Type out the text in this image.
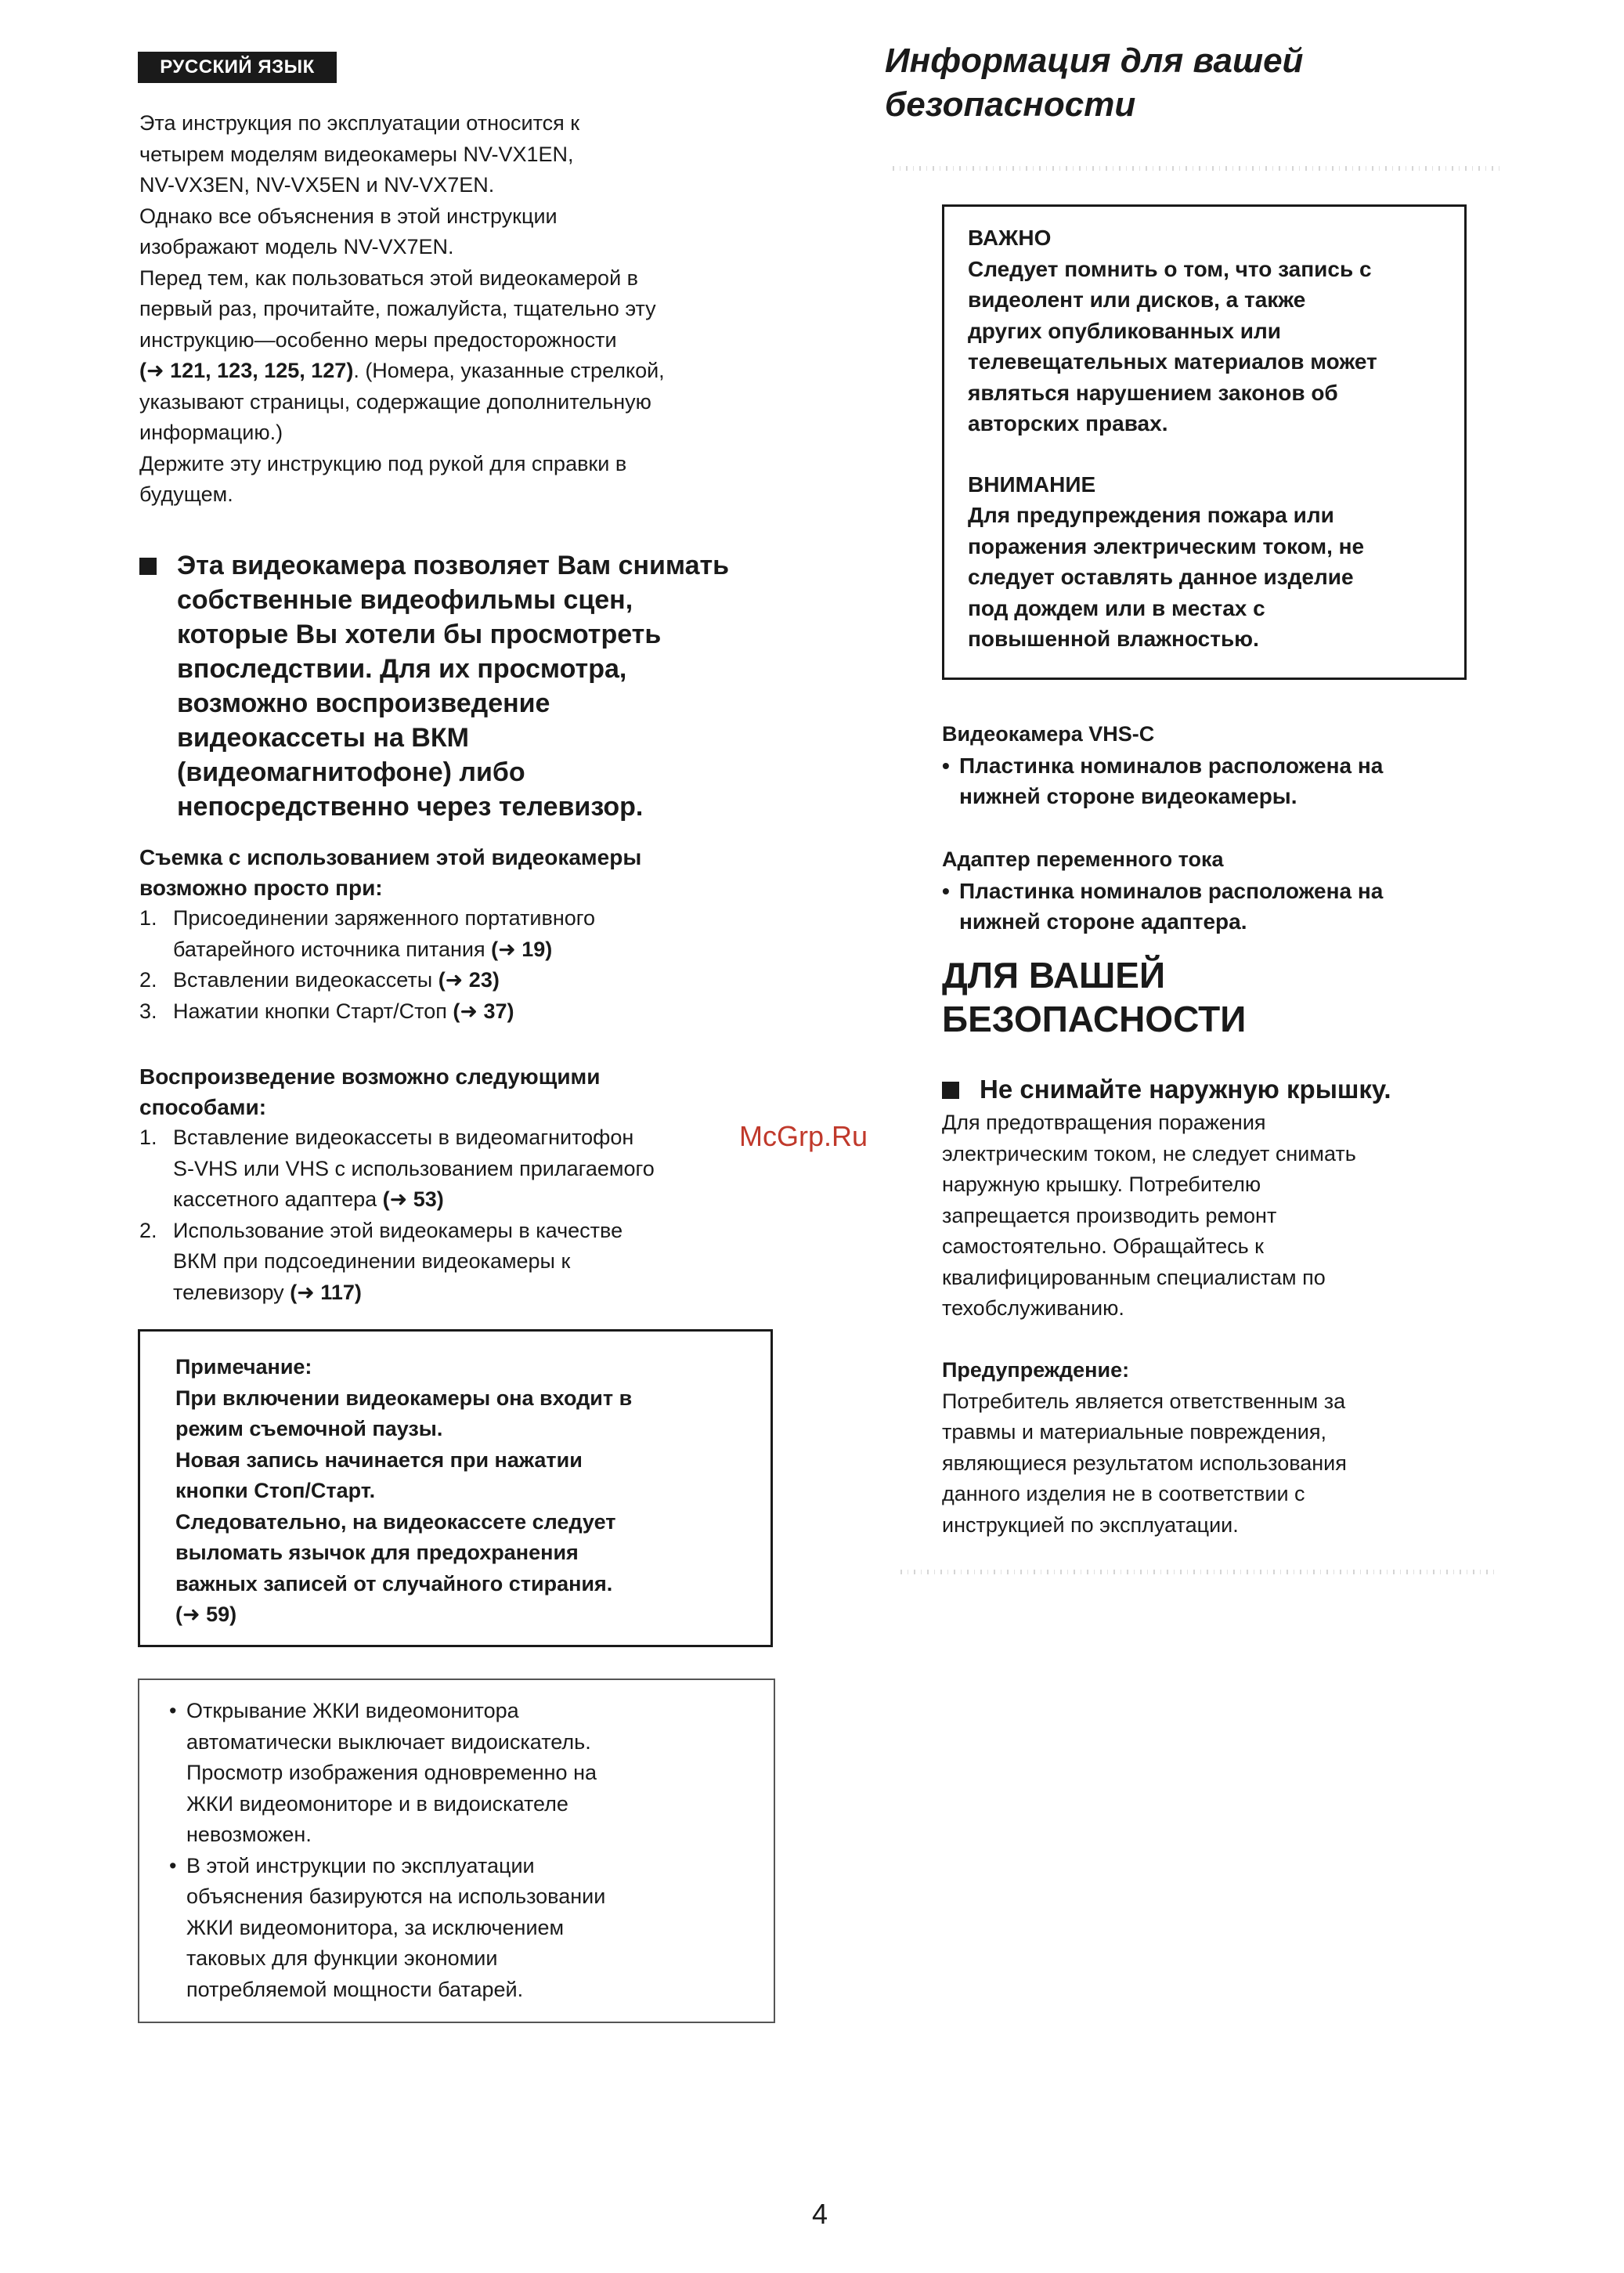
РУССКИЙ ЯЗЫК

Эта инструкция по эксплуатации относится к

четырем моделям видеокамеры NV-VX1EN,

NV-VX3EN, NV-VX5EN и NV-VX7EN.

Однако все объяснения в этой инструкции

изображают модель NV-VX7EN.

Перед тем, как пользоваться этой видеокамерой в

первый раз, прочитайте, пожалуйста, тщательно эту

инструкцию—особенно меры предосторожности

(➜ 121, 123, 125, 127). (Номера, указанные стрелкой,

указывают страницы, содержащие дополнительную

информацию.)

Держите эту инструкцию под рукой для справки в

будущем.

Эта видеокамера позволяет Вам снимать
собственные видеофильмы сцен,
которые Вы хотели бы просмотреть
впоследствии. Для их просмотра,
возможно воспроизведение
видеокассеты на ВКМ
(видеомагнитофоне) либо
непосредственно через телевизор.

Съемка с использованием этой видеокамеры

возможно просто при:

1. Присоединении заряженного портативного
батарейного источника питания (➜ 19)
2. Вставлении видеокассеты (➜ 23)
3. Нажатии кнопки Старт/Стоп (➜ 37)

Воспроизведение возможно следующими

способами:

1. Вставление видеокассеты в видеомагнитофон
S-VHS или VHS с использованием прилагаемого
кассетного адаптера (➜ 53)
2. Использование этой видеокамеры в качестве
ВКМ при подсоединении видеокамеры к
телевизору (➜ 117)

Примечание:

При включении видеокамеры она входит в

режим съемочной паузы.

Новая запись начинается при нажатии

кнопки Стоп/Старт.

Следовательно, на видеокассете следует

выломать язычок для предохранения

важных записей от случайного стирания.

(➜ 59)

• Открывание ЖКИ видеомонитора
автоматически выключает видоискатель.
Просмотр изображения одновременно на
ЖКИ видеомониторе и в видоискателе
невозможен.
• В этой инструкции по эксплуатации
объяснения базируются на использовании
ЖКИ видеомонитора, за исключением
таковых для функции экономии
потребляемой мощности батарей.
Информация для вашей
безопасности

ВАЖНО

Следует помнить о том, что запись с

видеолент или дисков, а также

других опубликованных или

телевещательных материалов может

являться нарушением законов об

авторских правах.

ВНИМАНИЕ

Для предупреждения пожара или

поражения электрическим током, не

следует оставлять данное изделие

под дождем или в местах с

повышенной влажностью.

Видеокамера VHS-C

• Пластинка номиналов расположена на
нижней стороне видеокамеры.

Адаптер переменного тока

• Пластинка номиналов расположена на
нижней стороне адаптера.
ДЛЯ ВАШЕЙ
БЕЗОПАСНОСТИ
Не снимайте наружную крышку.

Для предотвращения поражения

электрическим током, не следует снимать

наружную крышку. Потребителю

запрещается производить ремонт

самостоятельно. Обращайтесь к

квалифицированным специалистам по

техобслуживанию.

Предупреждение:

Потребитель является ответственным за

травмы и материальные повреждения,

являющиеся результатом использования

данного изделия не в соответствии с

инструкцией по эксплуатации.

McGrp.Ru
4
